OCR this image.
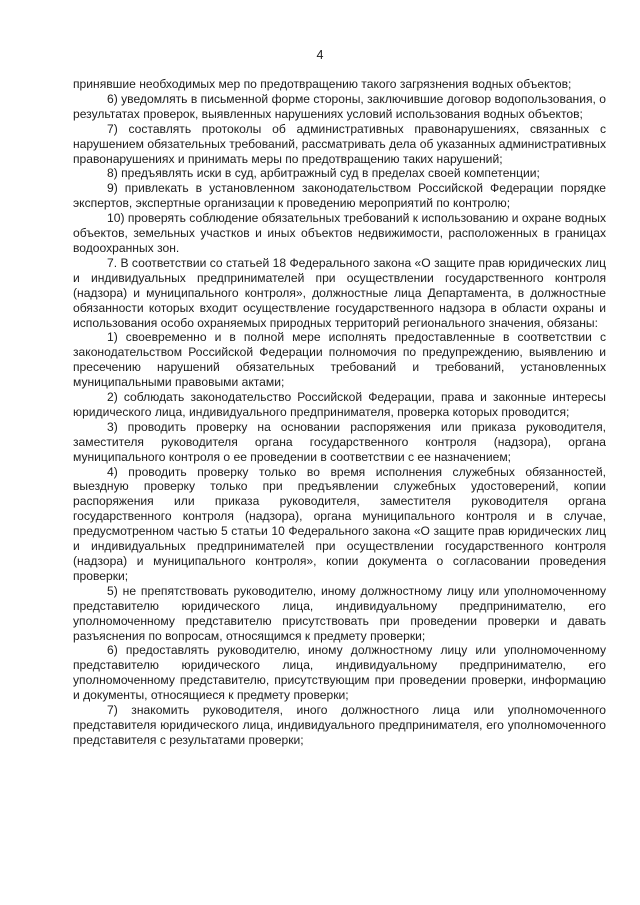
4

принявшие необходимых мер по предотвращению такого загрязнения водных объектов;

6) уведомлять в письменной форме стороны, заключившие договор водопользования, о результатах проверок, выявленных нарушениях условий использования водных объектов;

7) составлять протоколы об административных правонарушениях, связанных с нарушением обязательных требований, рассматривать дела об указанных административных правонарушениях и принимать меры по предотвращению таких нарушений;

8) предъявлять иски в суд, арбитражный суд в пределах своей компетенции;

9) привлекать в установленном законодательством Российской Федерации порядке экспертов, экспертные организации к проведению мероприятий по контролю;

10) проверять соблюдение обязательных требований к использованию и охране водных объектов, земельных участков и иных объектов недвижимости, расположенных в границах водоохранных зон.

7. В соответствии со статьей 18 Федерального закона «О защите прав юридических лиц и индивидуальных предпринимателей при осуществлении государственного контроля (надзора) и муниципального контроля», должностные лица Департамента, в должностные обязанности которых входит осуществление государственного надзора в области охраны и использования особо охраняемых природных территорий регионального значения, обязаны:

1) своевременно и в полной мере исполнять предоставленные в соответствии с законодательством Российской Федерации полномочия по предупреждению, выявлению и пресечению нарушений обязательных требований и требований, установленных муниципальными правовыми актами;

2) соблюдать законодательство Российской Федерации, права и законные интересы юридического лица, индивидуального предпринимателя, проверка которых проводится;

3) проводить проверку на основании распоряжения или приказа руководителя, заместителя руководителя органа государственного контроля (надзора), органа муниципального контроля о ее проведении в соответствии с ее назначением;

4) проводить проверку только во время исполнения служебных обязанностей, выездную проверку только при предъявлении служебных удостоверений, копии распоряжения или приказа руководителя, заместителя руководителя органа государственного контроля (надзора), органа муниципального контроля и в случае, предусмотренном частью 5 статьи 10 Федерального закона «О защите прав юридических лиц и индивидуальных предпринимателей при осуществлении государственного контроля (надзора) и муниципального контроля», копии документа о согласовании проведения проверки;

5) не препятствовать руководителю, иному должностному лицу или уполномоченному представителю юридического лица, индивидуальному предпринимателю, его уполномоченному представителю присутствовать при проведении проверки и давать разъяснения по вопросам, относящимся к предмету проверки;

6) предоставлять руководителю, иному должностному лицу или уполномоченному представителю юридического лица, индивидуальному предпринимателю, его уполномоченному представителю, присутствующим при проведении проверки, информацию и документы, относящиеся к предмету проверки;

7) знакомить руководителя, иного должностного лица или уполномоченного представителя юридического лица, индивидуального предпринимателя, его уполномоченного представителя с результатами проверки;
